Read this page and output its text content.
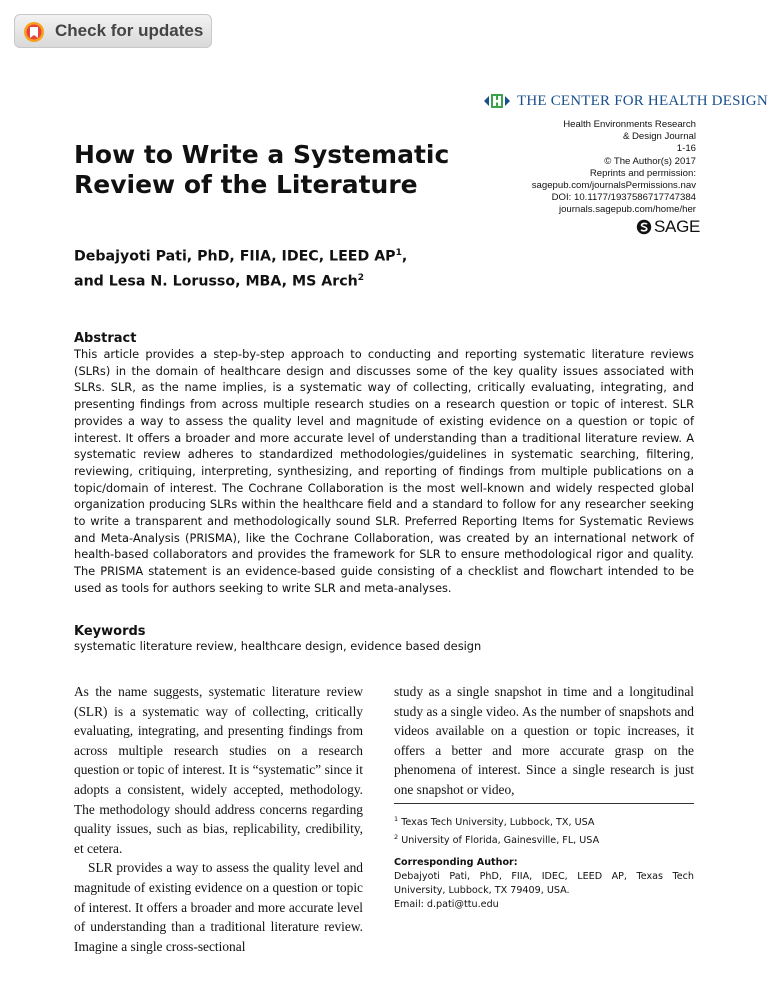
Check for updates
THE CENTER FOR HEALTH DESIGN
Health Environments Research
& Design Journal
1-16
© The Author(s) 2017
Reprints and permission:
sagepub.com/journalsPermissions.nav
DOI: 10.1177/1937586717747384
journals.sagepub.com/home/her
SAGE
How to Write a Systematic Review of the Literature
Debajyoti Pati, PhD, FIIA, IDEC, LEED $AP^1$,
and Lesa N. Lorusso, MBA, MS Arch$^2$
Abstract
This article provides a step-by-step approach to conducting and reporting systematic literature reviews (SLRs) in the domain of healthcare design and discusses some of the key quality issues associated with SLRs. SLR, as the name implies, is a systematic way of collecting, critically evaluating, integrating, and presenting findings from across multiple research studies on a research question or topic of interest. SLR provides a way to assess the quality level and magnitude of existing evidence on a question or topic of interest. It offers a broader and more accurate level of understanding than a traditional literature review. A systematic review adheres to standardized methodologies/guidelines in systematic searching, filtering, reviewing, critiquing, interpreting, synthesizing, and reporting of findings from multiple publications on a topic/domain of interest. The Cochrane Collaboration is the most well-known and widely respected global organization producing SLRs within the healthcare field and a standard to follow for any researcher seeking to write a transparent and methodologically sound SLR. Preferred Reporting Items for Systematic Reviews and Meta-Analysis (PRISMA), like the Cochrane Collaboration, was created by an international network of health-based collaborators and provides the framework for SLR to ensure methodological rigor and quality. The PRISMA statement is an evidence-based guide consisting of a checklist and flowchart intended to be used as tools for authors seeking to write SLR and meta-analyses.
Keywords
systematic literature review, healthcare design, evidence based design

As the name suggests, systematic literature review (SLR) is a systematic way of collecting, critically evaluating, integrating, and presenting findings from across multiple research studies on a research question or topic of interest. It is “systematic” since it adopts a consistent, widely accepted, methodology. The methodology should address concerns regarding quality issues, such as bias, replicability, credibility, et cetera.

SLR provides a way to assess the quality level and magnitude of existing evidence on a question or topic of interest. It offers a broader and more accurate level of understanding than a traditional literature review. Imagine a single cross-sectional

study as a single snapshot in time and a longitudinal study as a single video. As the number of snapshots and videos available on a question or topic increases, it offers a better and more accurate grasp on the phenomena of interest. Since a single research is just one snapshot or video,

$^1$ Texas Tech University, Lubbock, TX, USA
$^2$ University of Florida, Gainesville, FL, USA
Corresponding Author:
Debajyoti Pati, PhD, FIIA, IDEC, LEED AP, Texas Tech University, Lubbock, TX 79409, USA.
Email: d.pati@ttu.edu
